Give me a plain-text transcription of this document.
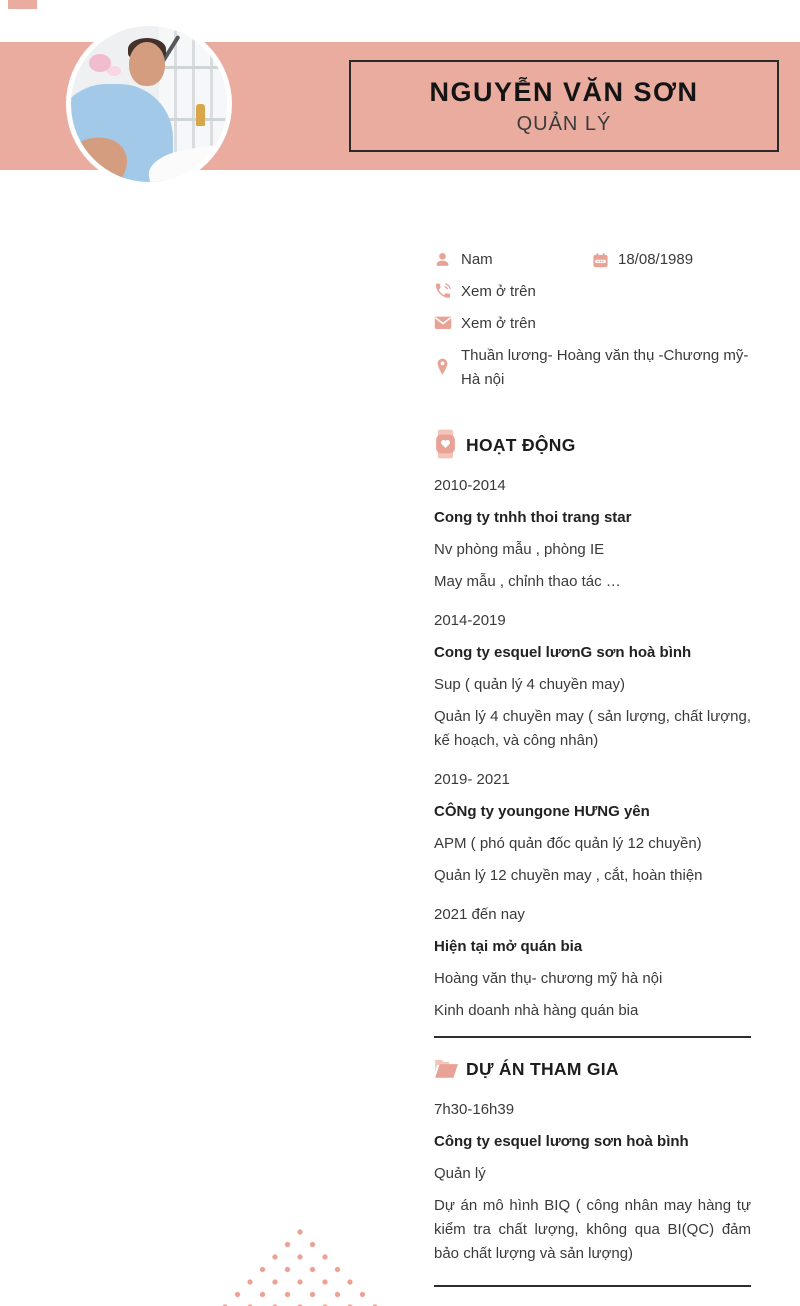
NGUYỄN VĂN SƠN
QUẢN LÝ
Nam	18/08/1989
Xem ở trên
Xem ở trên
Thuần lương- Hoàng văn thụ -Chương mỹ-Hà nội
HOẠT ĐỘNG
2010-2014
Cong ty tnhh thoi trang star
Nv phòng mẫu , phòng IE
May mẫu , chỉnh thao tác …
2014-2019
Cong ty esquel lươnG sơn hoà bình
Sup ( quản lý 4 chuyền may)
Quản lý 4 chuyền may ( sản lượng, chất lượng, kế hoạch, và công nhân)
2019- 2021
CÔNg ty youngone HƯNG yên
APM ( phó quản đốc quản lý 12 chuyền)
Quản lý 12 chuyền may , cắt, hoàn thiện
2021 đến nay
Hiện tại mở quán bia
Hoàng văn thụ- chương mỹ hà nội
Kinh doanh nhà hàng quán bia
DỰ ÁN THAM GIA
7h30-16h39
Công ty esquel lương sơn hoà bình
Quản lý
Dự án mô hình BIQ ( công nhân may hàng tự kiểm tra chất lượng, không qua BI(QC) đảm bảo chất lượng và sản lượng)
